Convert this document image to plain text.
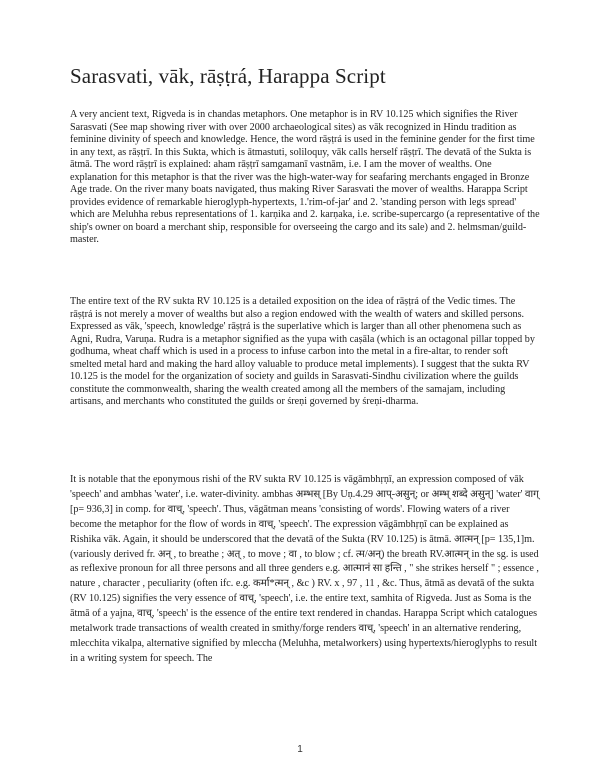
Sarasvati, vāk, rāṣṭrá, Harappa Script

A very ancient text, Rigveda is in chandas metaphors. One metaphor is in RV 10.125 which signifies the River Sarasvati (See map showing river with over 2000 archaeological sites) as vāk recognized in Hindu tradition as feminine divinity of speech and knowledge. Hence, the word rāṣṭrá is used in the feminine gender for the first time in any text, as rāṣṭrī. In this Sukta, which is ātmastuti, soliloquy, vāk calls herself rāṣṭrī. The devatā of the Sukta is ātmā. The word rāṣṭrī is explained: aham rāṣṭrī samgamanī vastnām, i.e. I am the mover of wealths. One explanation for this metaphor is that the river was the high-water-way for seafaring merchants engaged in Bronze Age trade. On the river many boats navigated, thus making River Sarasvati the mover of wealths. Harappa Script provides evidence of remarkable hieroglyph-hypertexts, 1.'rim-of-jar' and 2. 'standing person with legs spread' which are Meluhha rebus representations of 1. karṇika and 2. karṇaka, i.e. scribe-supercargo (a representative of the ship's owner on board a merchant ship, responsible for overseeing the cargo and its sale) and 2. helmsman/guild-master.

The entire text of the RV sukta RV 10.125 is a detailed exposition on the idea of rāṣṭrá of the Vedic times. The rāṣṭrá is not merely a mover of wealths but also a region endowed with the wealth of waters and skilled persons. Expressed as vāk, 'speech, knowledge' rāṣṭrá is the superlative which is larger than all other phenomena such as Agni, Rudra, Varuṇa. Rudra is a metaphor signified as the yupa with caṣāla (which is an octagonal pillar topped by godhuma, wheat chaff which is used in a process to infuse carbon into the metal in a fire-altar, to render soft smelted metal hard and making the hard alloy valuable to produce metal implements). I suggest that the sukta RV 10.125 is the model for the organization of society and guilds in Sarasvati-Sindhu civilization where the guilds constitute the commonwealth, sharing the wealth created among all the members of the samajam, including artisans, and merchants who constituted the guilds or śreṇi governed by śreṇi-dharma.

It is notable that the eponymous rishi of the RV sukta RV 10.125 is vāgāmbhṛṇī, an expression composed of vāk 'speech' and ambhas 'water', i.e. water-divinity. ambhas अम्भस् [By Uṇ.4.29 आप्-असुन्; or अम्भ् शब्दे असुन्] 'water' वाग् [p= 936,3] in comp. for वाच्, 'speech'. Thus, vāgātman means 'consisting of words'. Flowing waters of a river become the metaphor for the flow of words in वाच्, 'speech'. The expression vāgāmbhṛṇī can be explained as Rishika vāk. Again, it should be underscored that the devatā of the Sukta (RV 10.125) is ātmā. आत्मन् [p= 135,1]m. (variously derived fr. अन् , to breathe ; अत् , to move ; वा , to blow ; cf. त्म/अन्) the breath RV.आत्मन् in the sg. is used as reflexive pronoun for all three persons and all three genders e.g. आत्मानं सा हन्ति , " she strikes herself " ; essence , nature , character , peculiarity (often ifc. e.g. कर्मा*त्मन् , &c ) RV. x , 97 , 11 , &c. Thus, ātmā as devatā of the sukta (RV 10.125) signifies the very essence of वाच्, 'speech', i.e. the entire text, samhita of Rigveda. Just as Soma is the ātmā of a yajna, वाच्, 'speech' is the essence of the entire text rendered in chandas. Harappa Script which catalogues metalwork trade transactions of wealth created in smithy/forge renders वाच्, 'speech' in an alternative rendering, mlecchita vikalpa, alternative signified by mleccha (Meluhha, metalworkers) using hypertexts/hieroglyphs to result in a writing system for speech. The

1
